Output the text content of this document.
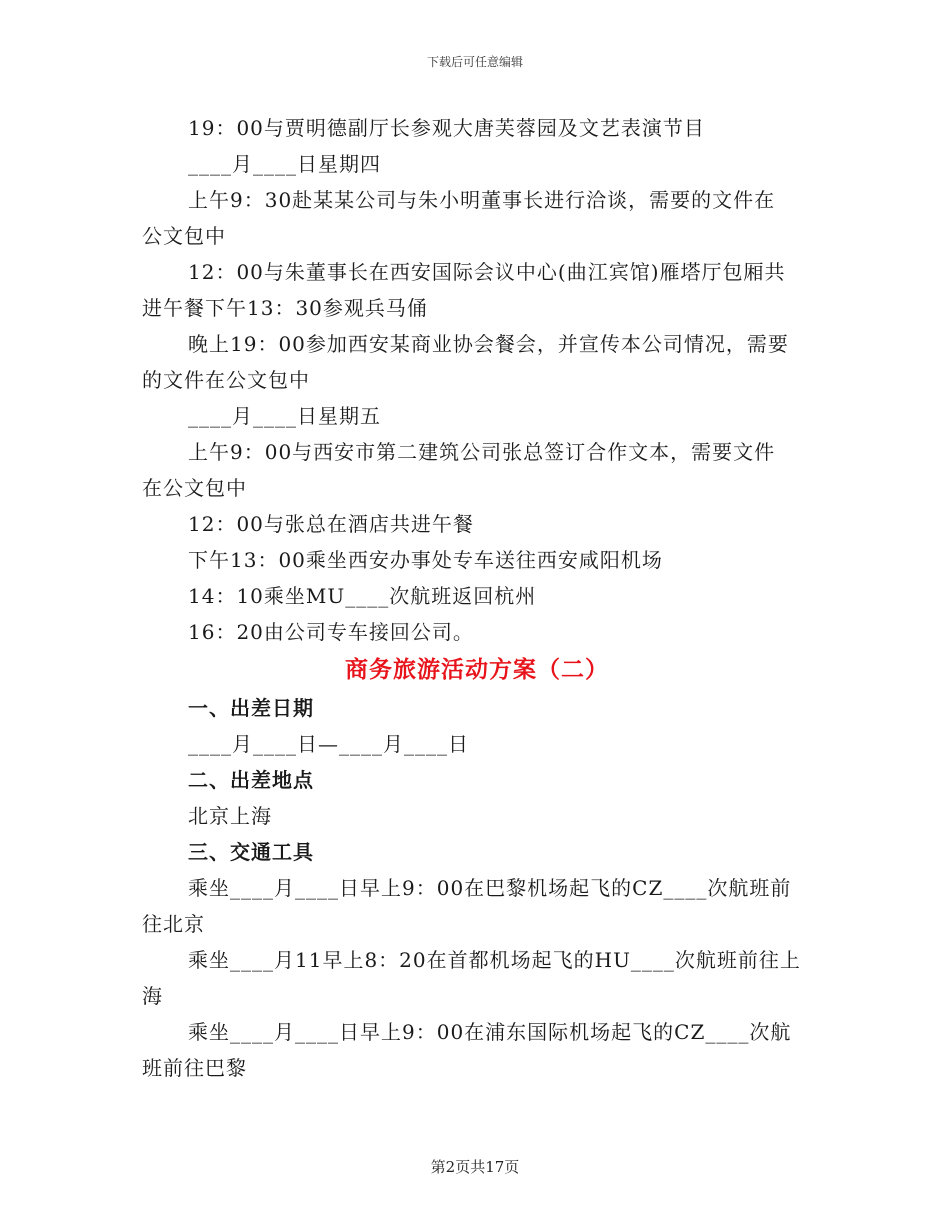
下载后可任意编辑

19：00与贾明德副厅长参观大唐芙蓉园及文艺表演节目

____月____日星期四

上午9：30赴某某公司与朱小明董事长进行洽谈，需要的文件在

公文包中

12：00与朱董事长在西安国际会议中心(曲江宾馆)雁塔厅包厢共

进午餐下午13：30参观兵马俑

晚上19：00参加西安某商业协会餐会，并宣传本公司情况，需要

的文件在公文包中

____月____日星期五

上午9：00与西安市第二建筑公司张总签订合作文本，需要文件

在公文包中

12：00与张总在酒店共进午餐

下午13：00乘坐西安办事处专车送往西安咸阳机场

14：10乘坐MU____次航班返回杭州

16：20由公司专车接回公司。

商务旅游活动方案（二）

一、出差日期

____月____日—____月____日

二、出差地点

北京上海

三、交通工具

乘坐____月____日早上9：00在巴黎机场起飞的CZ____次航班前

往北京

乘坐____月11早上8：20在首都机场起飞的HU____次航班前往上

海

乘坐____月____日早上9：00在浦东国际机场起飞的CZ____次航

班前往巴黎

第2页共17页
